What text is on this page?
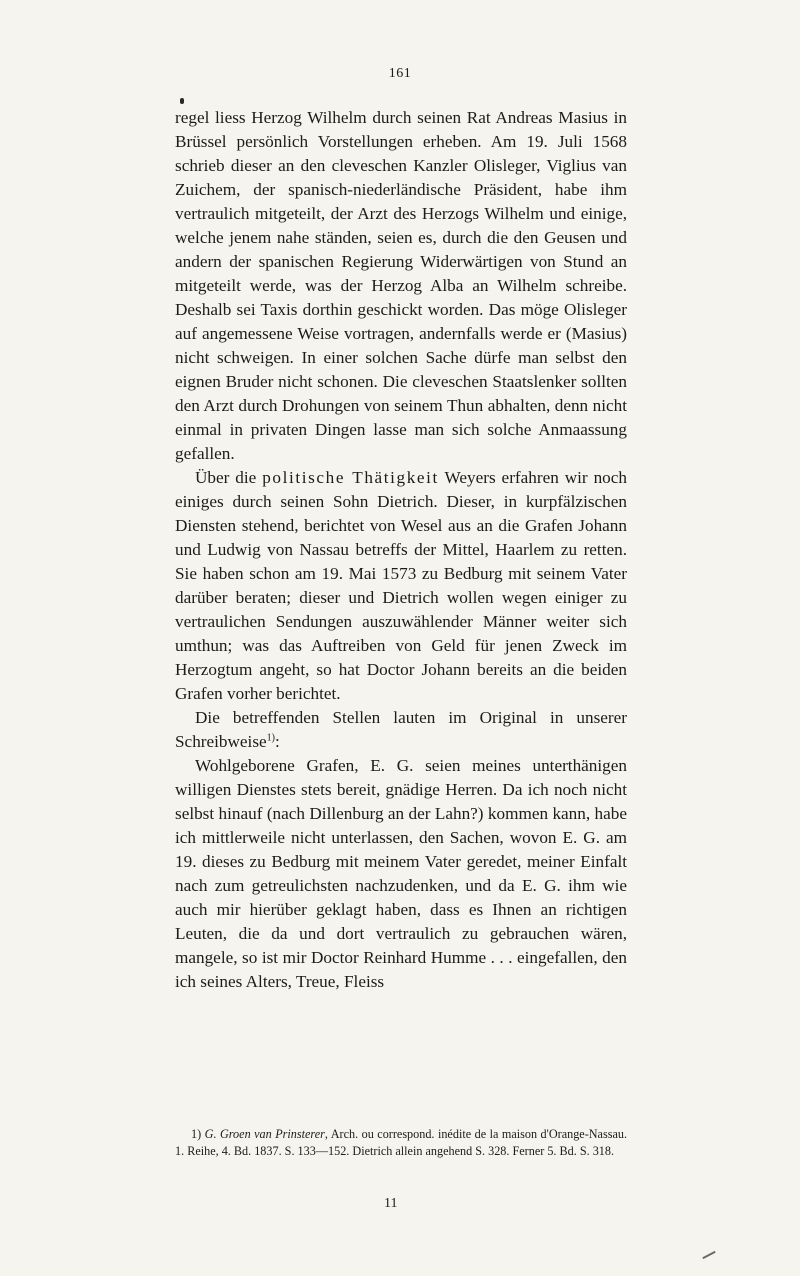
161

regel liess Herzog Wilhelm durch seinen Rat Andreas Masius in Brüssel persönlich Vorstellungen erheben. Am 19. Juli 1568 schrieb dieser an den cleveschen Kanzler Olisleger, Viglius van Zuichem, der spanisch-niederländische Präsident, habe ihm vertraulich mitgeteilt, der Arzt des Herzogs Wilhelm und einige, welche jenem nahe ständen, seien es, durch die den Geusen und andern der spanischen Regierung Widerwärtigen von Stund an mitgeteilt werde, was der Herzog Alba an Wilhelm schreibe. Deshalb sei Taxis dorthin geschickt worden. Das möge Olisleger auf angemessene Weise vortragen, andernfalls werde er (Masius) nicht schweigen. In einer solchen Sache dürfe man selbst den eignen Bruder nicht schonen. Die cleveschen Staatslenker sollten den Arzt durch Drohungen von seinem Thun abhalten, denn nicht einmal in privaten Dingen lasse man sich solche Anmaassung gefallen.

Über die politische Thätigkeit Weyers erfahren wir noch einiges durch seinen Sohn Dietrich. Dieser, in kurpfälzischen Diensten stehend, berichtet von Wesel aus an die Grafen Johann und Ludwig von Nassau betreffs der Mittel, Haarlem zu retten. Sie haben schon am 19. Mai 1573 zu Bedburg mit seinem Vater darüber beraten; dieser und Dietrich wollen wegen einiger zu vertraulichen Sendungen auszuwählender Männer weiter sich umthun; was das Auftreiben von Geld für jenen Zweck im Herzogtum angeht, so hat Doctor Johann bereits an die beiden Grafen vorher berichtet.

Die betreffenden Stellen lauten im Original in unserer Schreibweise$^{1)}$:

Wohlgeborene Grafen, E. G. seien meines unterthänigen willigen Dienstes stets bereit, gnädige Herren. Da ich noch nicht selbst hinauf (nach Dillenburg an der Lahn?) kommen kann, habe ich mittlerweile nicht unterlassen, den Sachen, wovon E. G. am 19. dieses zu Bedburg mit meinem Vater geredet, meiner Einfalt nach zum getreulichsten nachzudenken, und da E. G. ihm wie auch mir hierüber geklagt haben, dass es Ihnen an richtigen Leuten, die da und dort vertraulich zu gebrauchen wären, mangele, so ist mir Doctor Reinhard Humme . . . eingefallen, den ich seines Alters, Treue, Fleiss

1) G. Groen van Prinsterer, Arch. ou correspond. inédite de la maison d'Orange-Nassau. 1. Reihe, 4. Bd. 1837. S. 133—152. Dietrich allein angehend S. 328. Ferner 5. Bd. S. 318.

11
